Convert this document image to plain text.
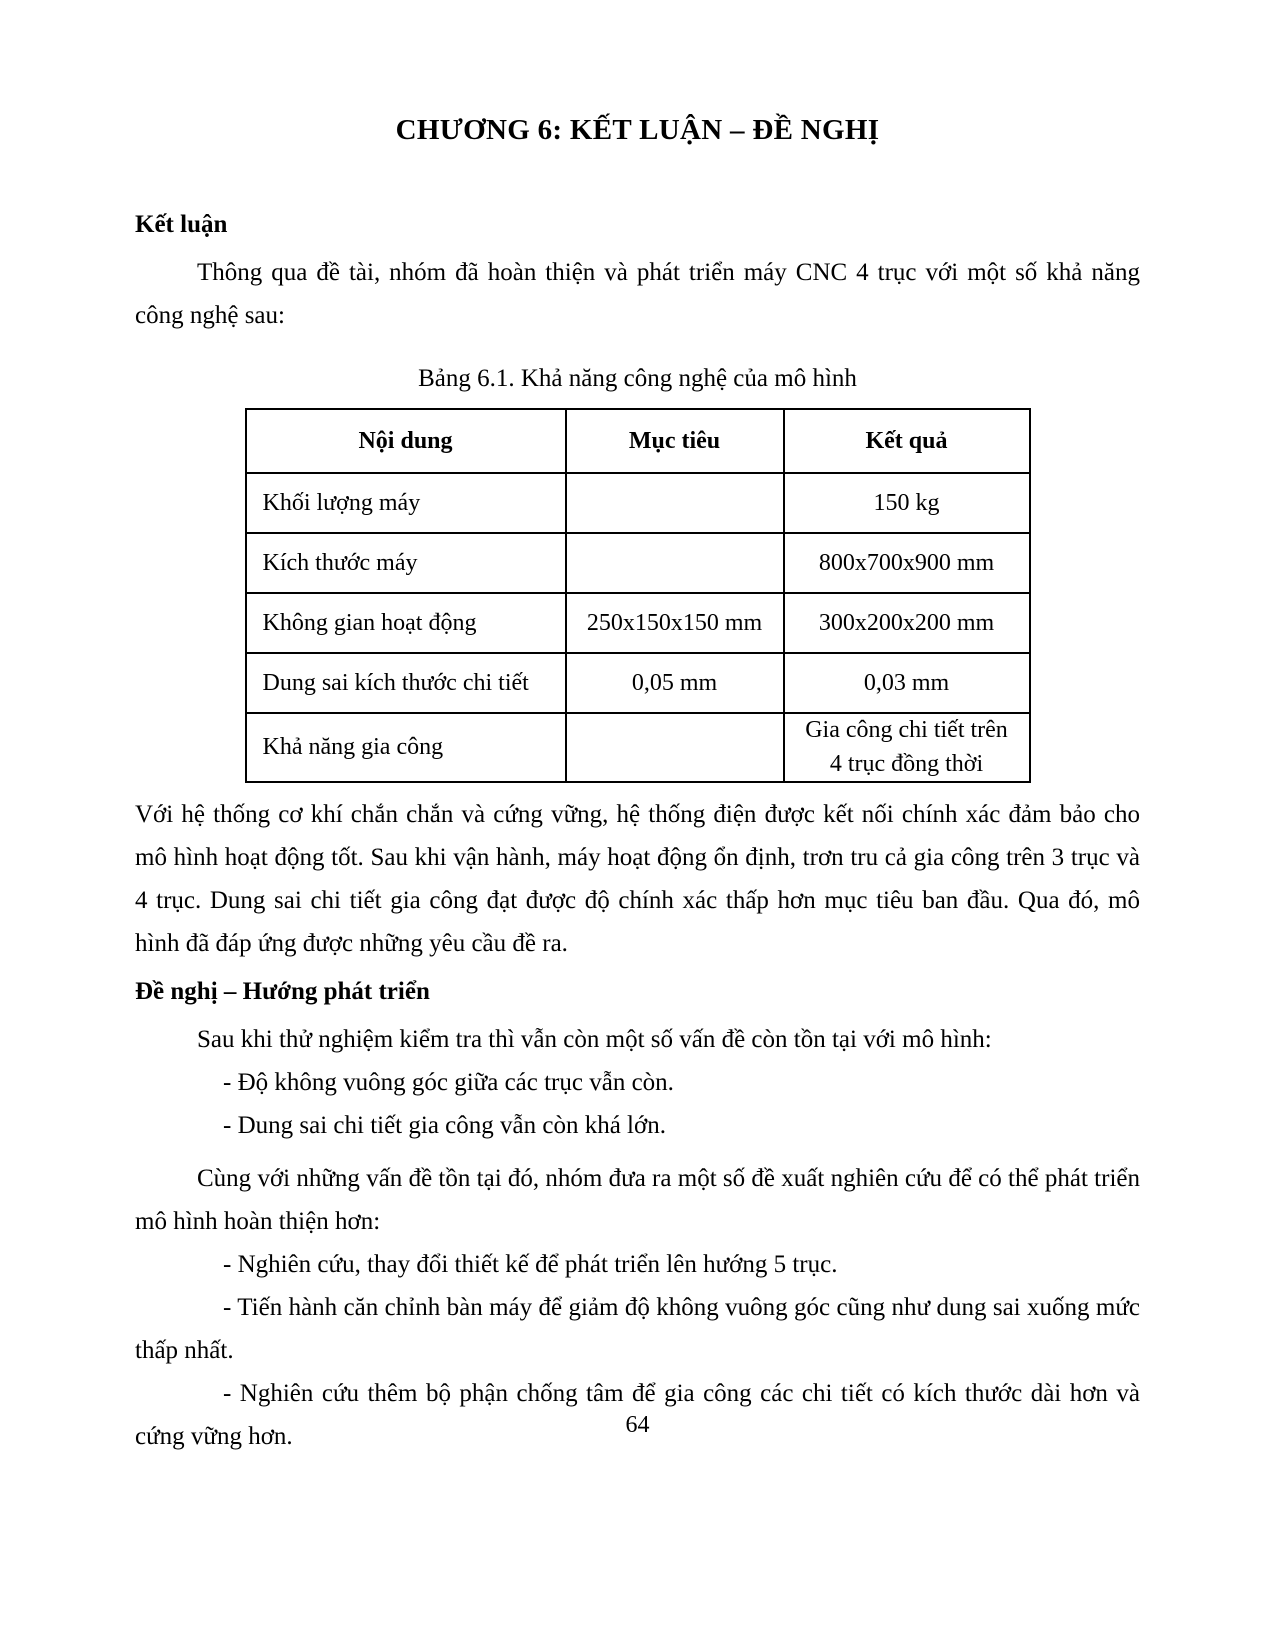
CHƯƠNG 6: KẾT LUẬN – ĐỀ NGHỊ
Kết luận

Thông qua đề tài, nhóm đã hoàn thiện và phát triển máy CNC 4 trục với một số khả năng công nghệ sau:

Bảng 6.1. Khả năng công nghệ của mô hình
Nội dung	Mục tiêu	Kết quả
Khối lượng máy		150 kg
Kích thước máy		800x700x900 mm
Không gian hoạt động	250x150x150 mm	300x200x200 mm
Dung sai kích thước chi tiết	0,05 mm	0,03 mm
Khả năng gia công		Gia công chi tiết trên
4 trục đồng thời

Với hệ thống cơ khí chắn chắn và cứng vững, hệ thống điện được kết nối chính xác đảm bảo cho mô hình hoạt động tốt. Sau khi vận hành, máy hoạt động ổn định, trơn tru cả gia công trên 3 trục và 4 trục. Dung sai chi tiết gia công đạt được độ chính xác thấp hơn mục tiêu ban đầu. Qua đó, mô hình đã đáp ứng được những yêu cầu đề ra.

Đề nghị – Hướng phát triển

Sau khi thử nghiệm kiểm tra thì vẫn còn một số vấn đề còn tồn tại với mô hình:

- Độ không vuông góc giữa các trục vẫn còn.

- Dung sai chi tiết gia công vẫn còn khá lớn.

Cùng với những vấn đề tồn tại đó, nhóm đưa ra một số đề xuất nghiên cứu để có thể phát triển mô hình hoàn thiện hơn:

- Nghiên cứu, thay đổi thiết kế để phát triển lên hướng 5 trục.

- Tiến hành căn chỉnh bàn máy để giảm độ không vuông góc cũng như dung sai xuống mức thấp nhất.

- Nghiên cứu thêm bộ phận chống tâm để gia công các chi tiết có kích thước dài hơn và cứng vững hơn.	64
